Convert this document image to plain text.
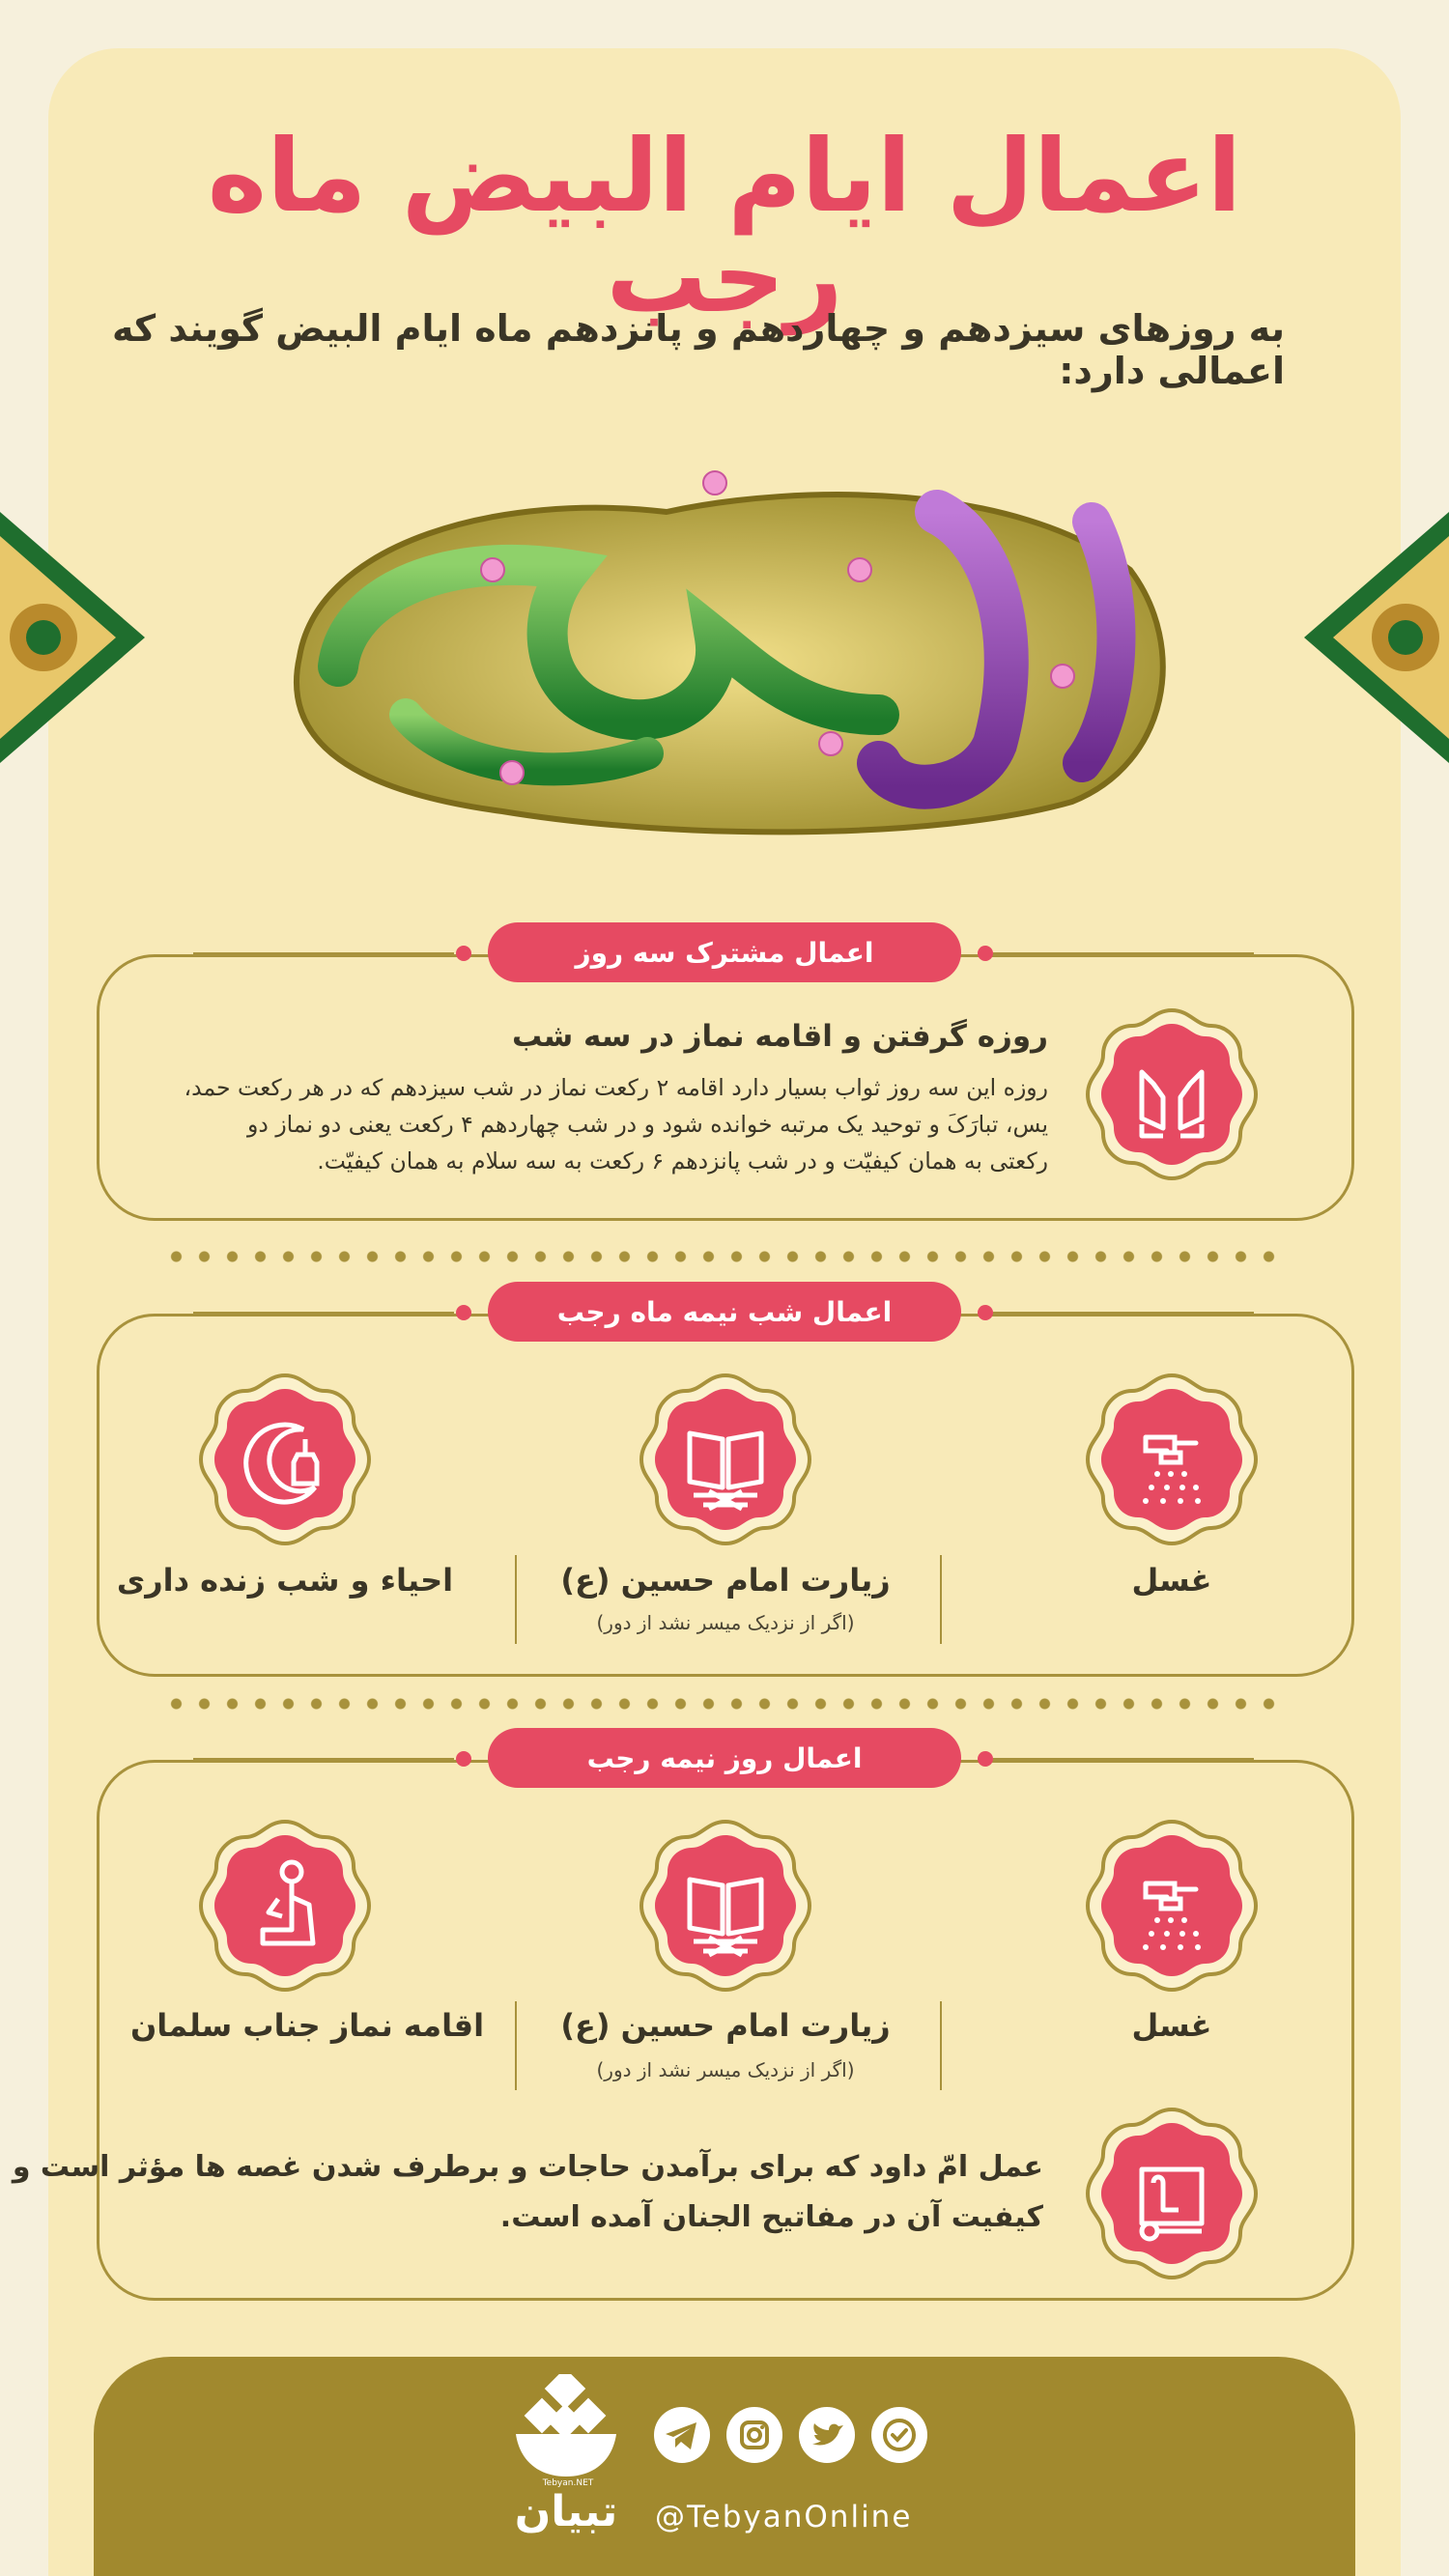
اعمال ایام البیض ماه رجب
به روزهای سیزدهم و چهاردهم و پانزدهم ماه ایام البیض گویند که اعمالی دارد:
اعمال مشترک سه روز
روزه گرفتن و اقامه نماز در سه شب
روزه این سه روز ثواب بسیار دارد اقامه ۲ رکعت نماز در شب سیزدهم که در هر رکعت حمد،
یس، تبارَکَ و توحید یک مرتبه خوانده شود و در شب چهاردهم ۴ رکعت یعنی دو نماز دو
رکعتی به همان کیفیّت و در شب پانزدهم ۶ رکعت به سه سلام به همان کیفیّت.
اعمال شب نیمه ماه رجب
غسل
زیارت امام حسین (ع)
(اگر از نزدیک میسر نشد از دور)
احیاء و شب زنده داری
اعمال روز نیمه رجب
غسل
زیارت امام حسین (ع)
(اگر از نزدیک میسر نشد از دور)
اقامه نماز جناب سلمان
عمل امّ داود که برای برآمدن حاجات و برطرف شدن غصه ها مؤثر است و
کیفیت آن در مفاتیح الجنان آمده است.
Tebyan.NET
تبیان	@TebyanOnline
